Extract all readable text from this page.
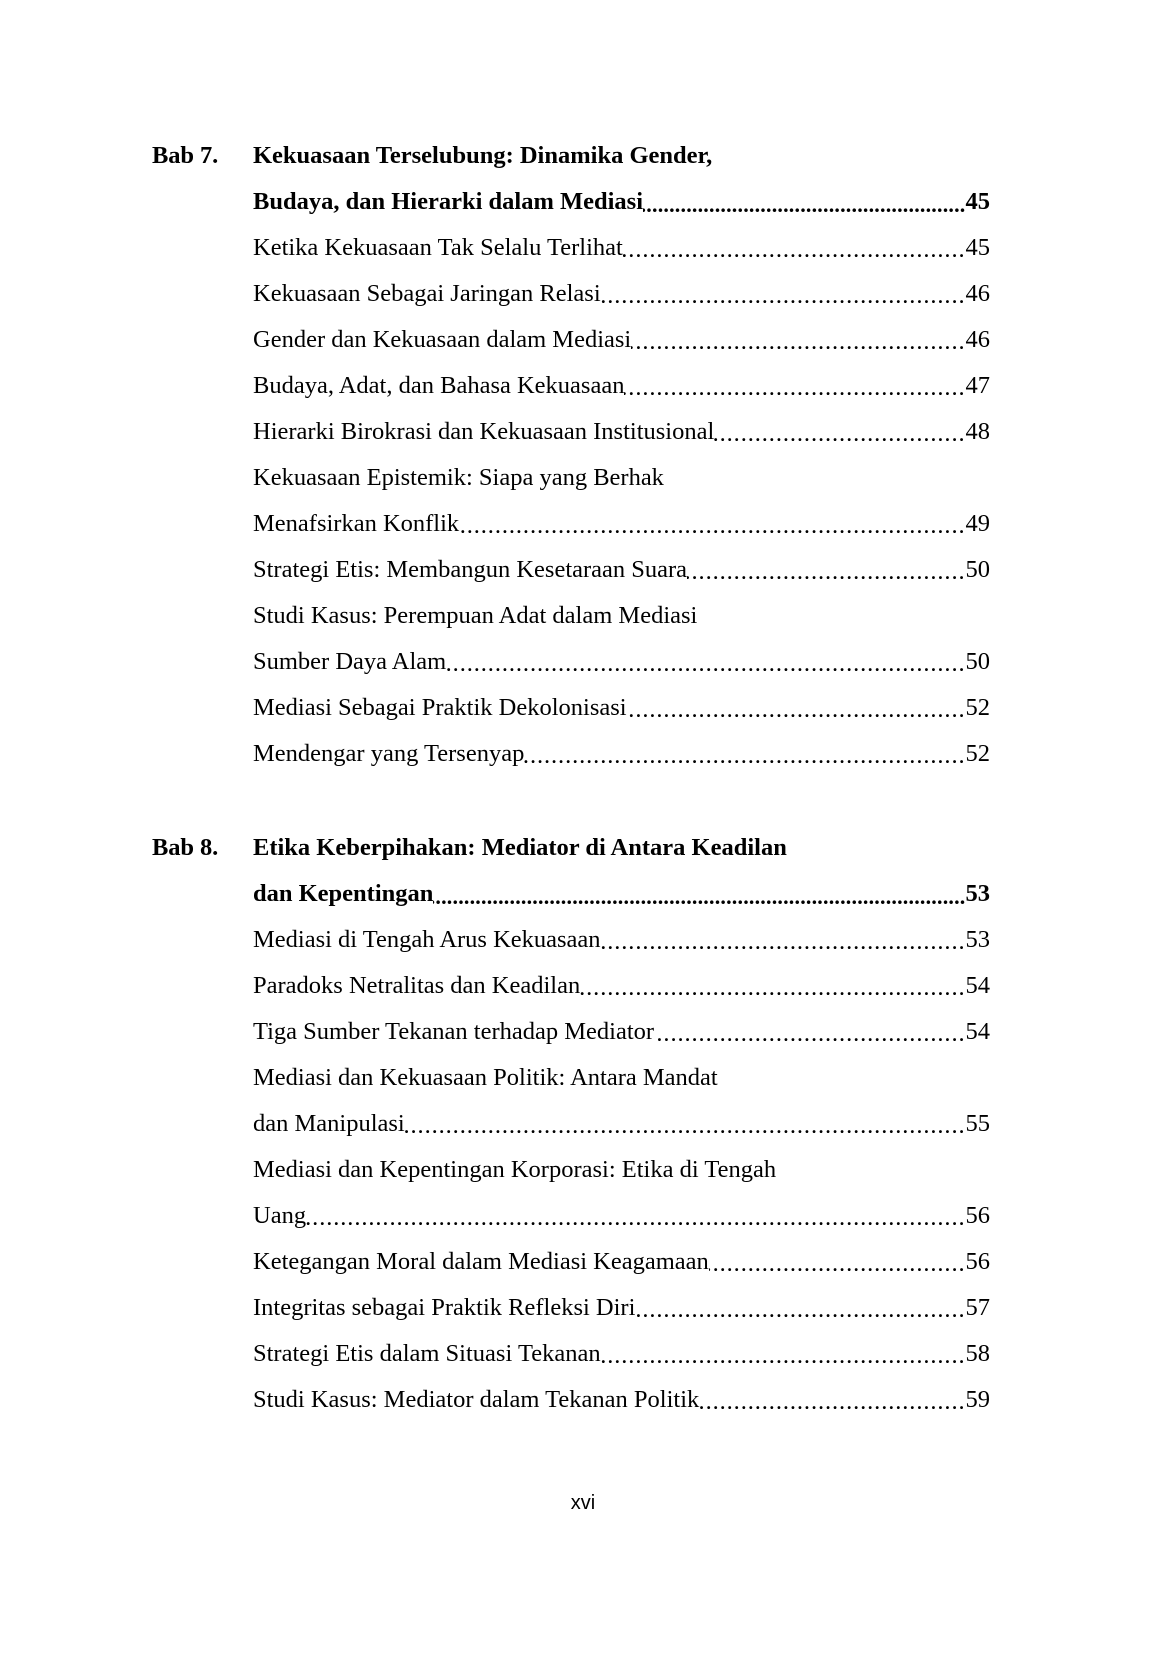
Bab 7.	Kekuasaan Terselubung: Dinamika Gender,
Budaya, dan Hierarki dalam Mediasi .....	45
Ketika Kekuasaan Tak Selalu Terlihat .....	45
Kekuasaan Sebagai Jaringan Relasi .....	46
Gender dan Kekuasaan dalam Mediasi .....	46
Budaya, Adat, dan Bahasa Kekuasaan .....	47
Hierarki Birokrasi dan Kekuasaan Institusional .....	48
Kekuasaan Epistemik: Siapa yang Berhak
Menafsirkan Konflik .....	49
Strategi Etis: Membangun Kesetaraan Suara .....	50
Studi Kasus: Perempuan Adat dalam Mediasi
Sumber Daya Alam .....	50
Mediasi Sebagai Praktik Dekolonisasi .....	52
Mendengar yang Tersenyap .....	52
Bab 8.	Etika Keberpihakan: Mediator di Antara Keadilan
dan Kepentingan .....	53
Mediasi di Tengah Arus Kekuasaan .....	53
Paradoks Netralitas dan Keadilan .....	54
Tiga Sumber Tekanan terhadap Mediator .....	54
Mediasi dan Kekuasaan Politik: Antara Mandat
dan Manipulasi .....	55
Mediasi dan Kepentingan Korporasi: Etika di Tengah
Uang .....	56
Ketegangan Moral dalam Mediasi Keagamaan .....	56
Integritas sebagai Praktik Refleksi Diri .....	57
Strategi Etis dalam Situasi Tekanan .....	58
Studi Kasus: Mediator dalam Tekanan Politik .....	59
xvi
